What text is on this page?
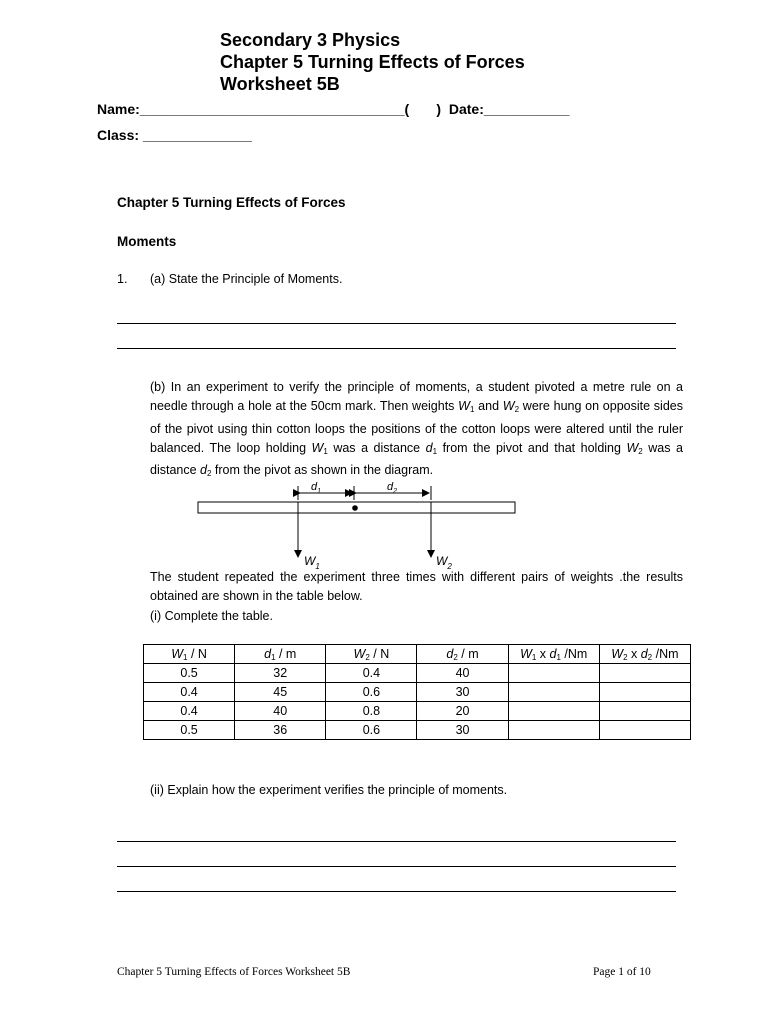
Secondary 3 Physics
Chapter 5 Turning Effects of Forces
Worksheet 5B
Name:__________________________________(       )  Date:___________
Class: ______________
Chapter 5 Turning Effects of Forces
Moments
1. (a) State the Principle of Moments.
(b) In an experiment to verify the principle of moments, a student pivoted a metre rule on a needle through a hole at the 50cm mark. Then weights $W_1$ and $W_2$ were hung on opposite sides of the pivot using thin cotton loops the positions of the cotton loops were altered until the ruler balanced. The loop holding $W_1$ was a distance $d_1$ from the pivot and that holding $W_2$ was a distance $d_2$ from the pivot as shown in the diagram.
$d_1$	$d_2$
$W_1$	$W_2$
The student repeated the experiment three times with different pairs of weights .the results obtained are shown in the table below.
(i) Complete the table.
$W_1$ / N	$d_1$ / m	$W_2$ / N	$d_2$ / m	$W_1$ x $d_1$ /Nm	$W_2$ x $d_2$ /Nm
0.5	32	0.4	40		
0.4	45	0.6	30		
0.4	40	0.8	20		
0.5	36	0.6	30		
(ii) Explain how the experiment verifies the principle of moments.
Chapter 5 Turning Effects of Forces Worksheet 5B	Page 1 of 10
